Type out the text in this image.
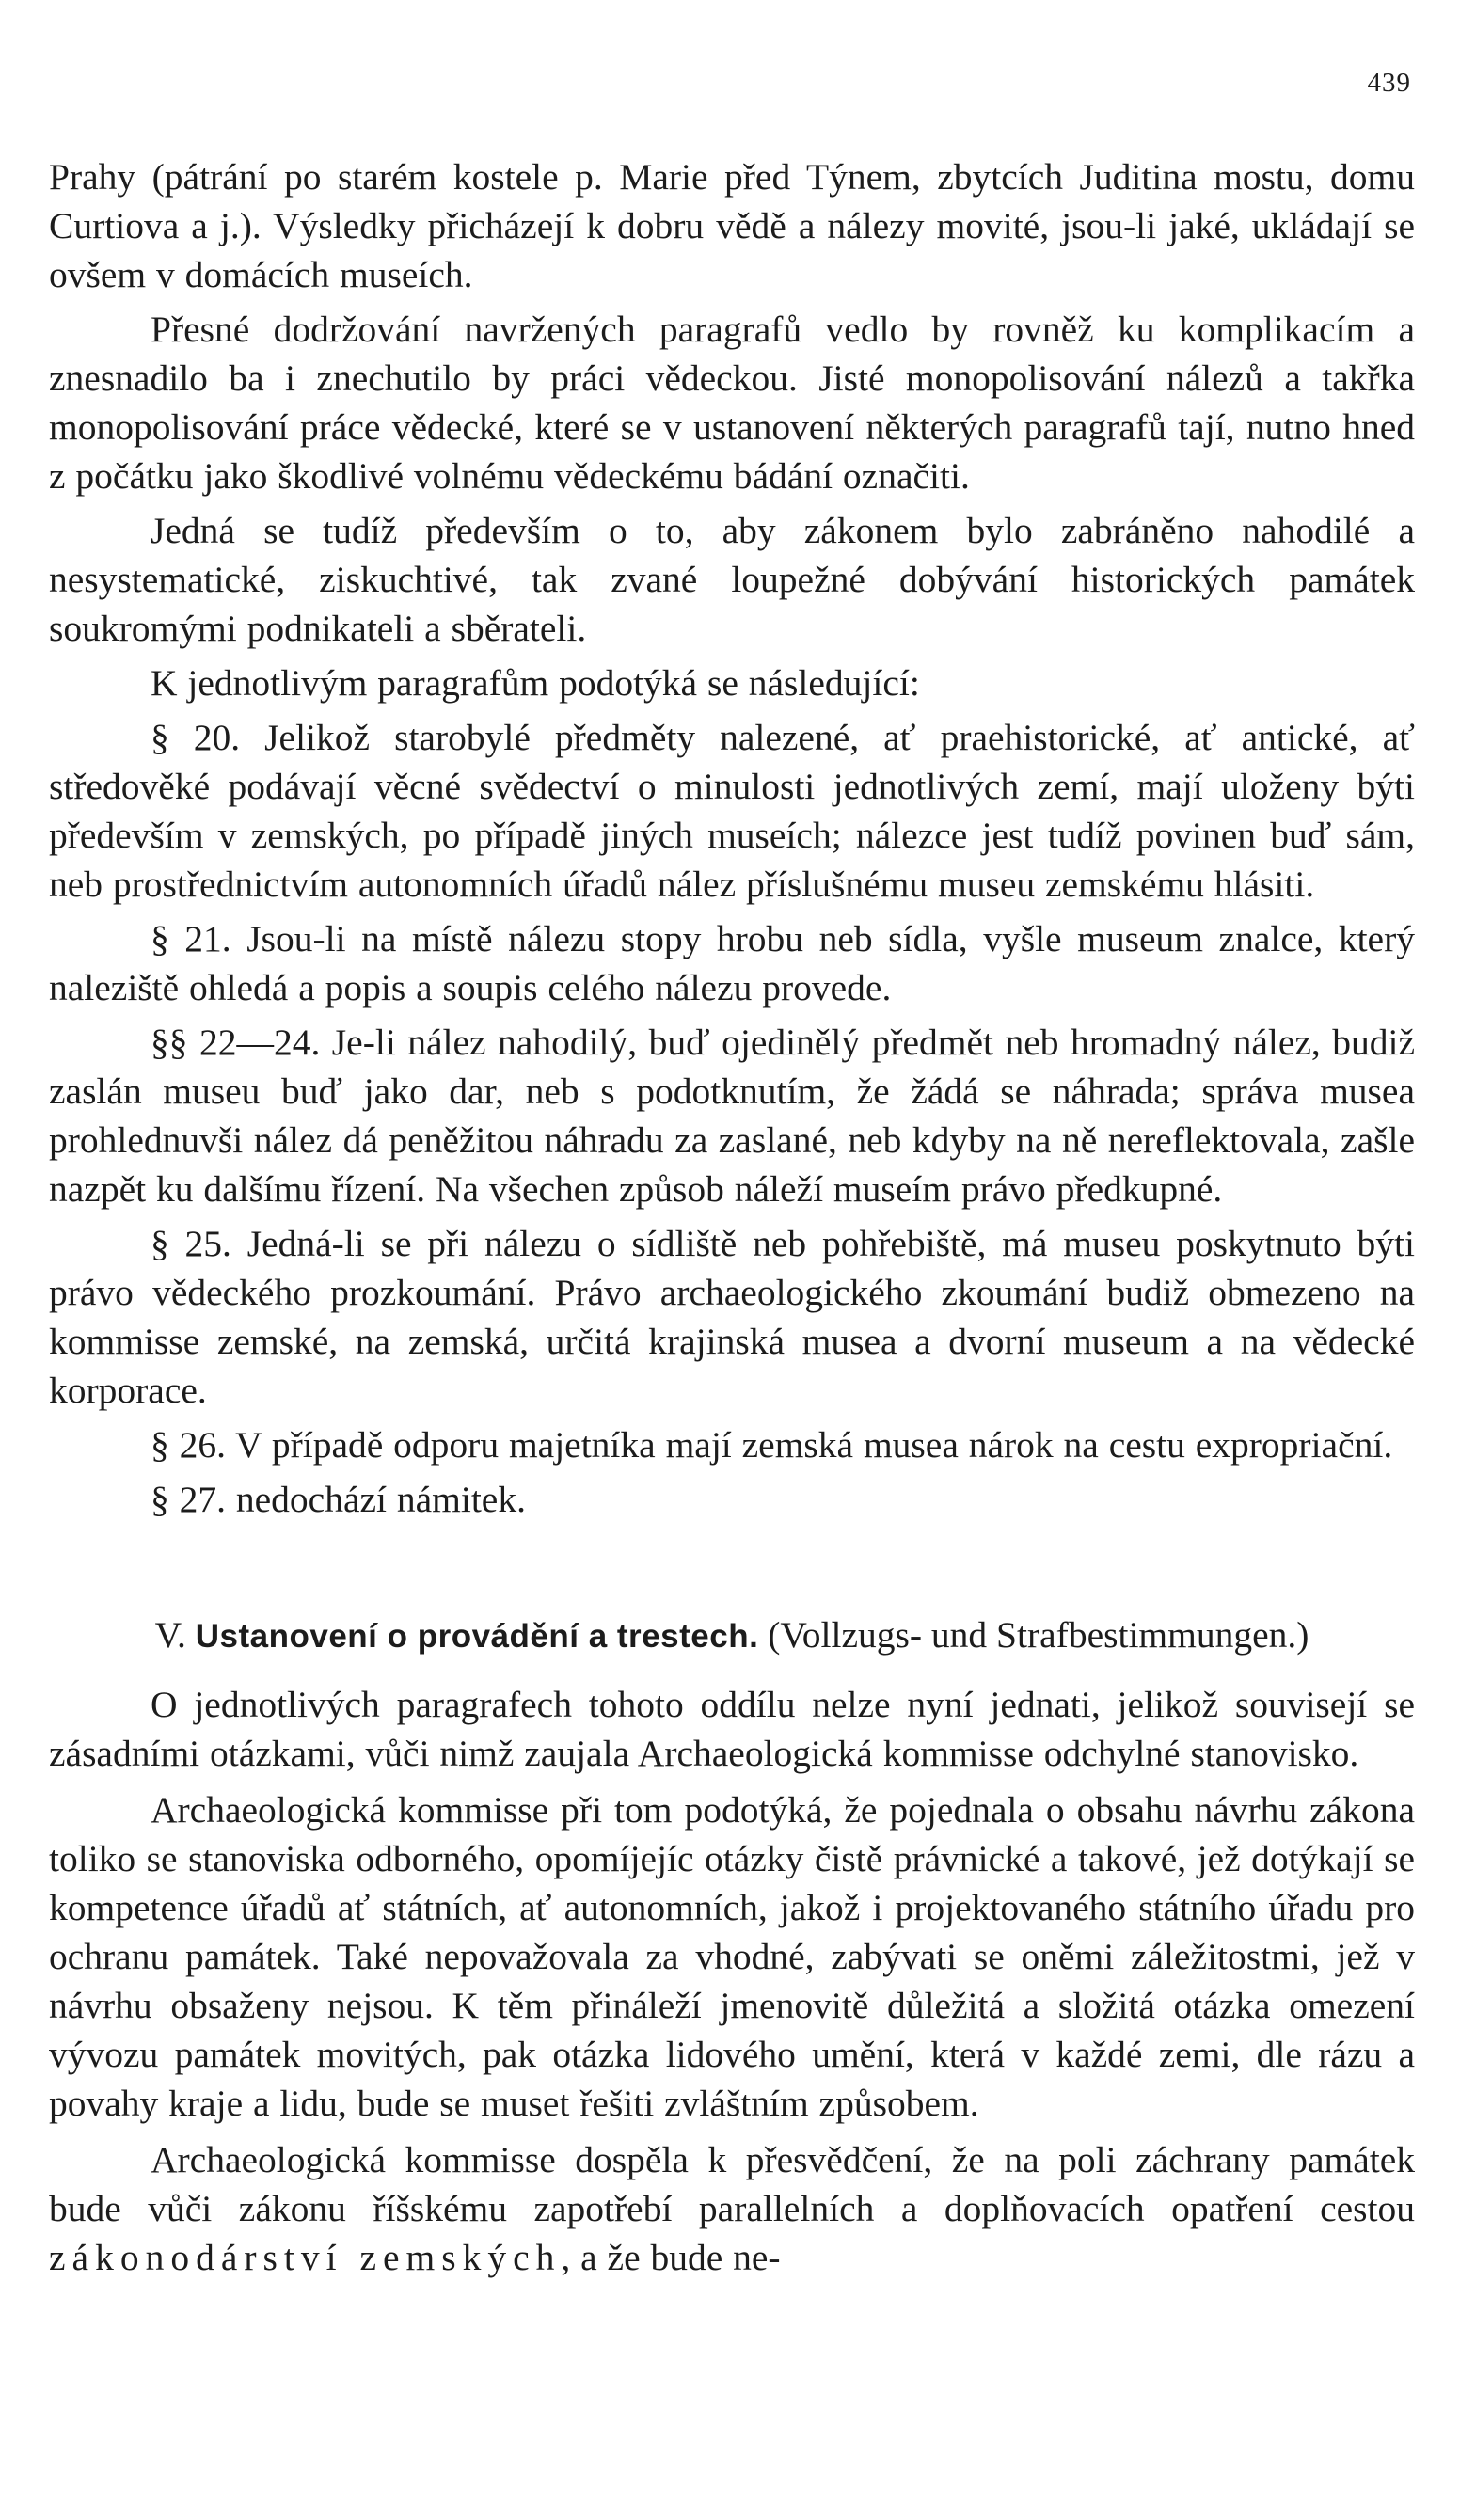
439

Prahy (pátrání po starém kostele p. Marie před Týnem, zbytcích Juditina mostu, domu Curtiova a j.). Výsledky přicházejí k dobru vědě a nálezy movité, jsou-li jaké, ukládají se ovšem v domácích museích.

Přesné dodržování navržených paragrafů vedlo by rovněž ku komplikacím a znesnadilo ba i znechutilo by práci vědeckou. Jisté monopolisování nálezů a takřka monopolisování práce vědecké, které se v ustanovení některých paragrafů tají, nutno hned z počátku jako škodlivé volnému vědeckému bádání označiti.

Jedná se tudíž především o to, aby zákonem bylo zabráněno nahodilé a nesystematické, ziskuchtivé, tak zvané loupežné dobývání historických památek soukromými podnikateli a sběrateli.

K jednotlivým paragrafům podotýká se následující:

§ 20. Jelikož starobylé předměty nalezené, ať praehistorické, ať antické, ať středověké podávají věcné svědectví o minulosti jednotlivých zemí, mají uloženy býti především v zemských, po případě jiných museích; nálezce jest tudíž povinen buď sám, neb prostřednictvím autonomních úřadů nález příslušnému museu zemskému hlásiti.

§ 21. Jsou-li na místě nálezu stopy hrobu neb sídla, vyšle museum znalce, který naleziště ohledá a popis a soupis celého nálezu provede.

§§ 22—24. Je-li nález nahodilý, buď ojedinělý předmět neb hromadný nález, budiž zaslán museu buď jako dar, neb s podotknutím, že žádá se náhrada; správa musea prohlednuvši nález dá peněžitou náhradu za zaslané, neb kdyby na ně nereflektovala, zašle nazpět ku dalšímu řízení. Na všechen způsob náleží museím právo předkupné.

§ 25. Jedná-li se při nálezu o sídliště neb pohřebiště, má museu poskytnuto býti právo vědeckého prozkoumání. Právo archaeologického zkoumání budiž obmezeno na kommisse zemské, na zemská, určitá krajinská musea a dvorní museum a na vědecké korporace.

§ 26. V případě odporu majetníka mají zemská musea nárok na cestu expropriační.

§ 27. nedochází námitek.

V. Ustanovení o provádění a trestech. (Vollzugs- und Strafbestimmungen.)

O jednotlivých paragrafech tohoto oddílu nelze nyní jednati, jelikož souvisejí se zásadními otázkami, vůči nimž zaujala Archaeologická kommisse odchylné stanovisko.

Archaeologická kommisse při tom podotýká, že pojednala o obsahu návrhu zákona toliko se stanoviska odborného, opomíjejíc otázky čistě právnické a takové, jež dotýkají se kompetence úřadů ať státních, ať autonomních, jakož i projektovaného státního úřadu pro ochranu památek. Také nepovažovala za vhodné, zabývati se oněmi záležitostmi, jež v návrhu obsaženy nejsou. K těm přináleží jmenovitě důležitá a složitá otázka omezení vývozu památek movitých, pak otázka lidového umění, která v každé zemi, dle rázu a povahy kraje a lidu, bude se muset řešiti zvláštním způsobem.

Archaeologická kommisse dospěla k přesvědčení, že na poli záchrany památek bude vůči zákonu říšskému zapotřebí parallelních a doplňovacích opatření cestou zákonodárství zemských, a že bude ne-
